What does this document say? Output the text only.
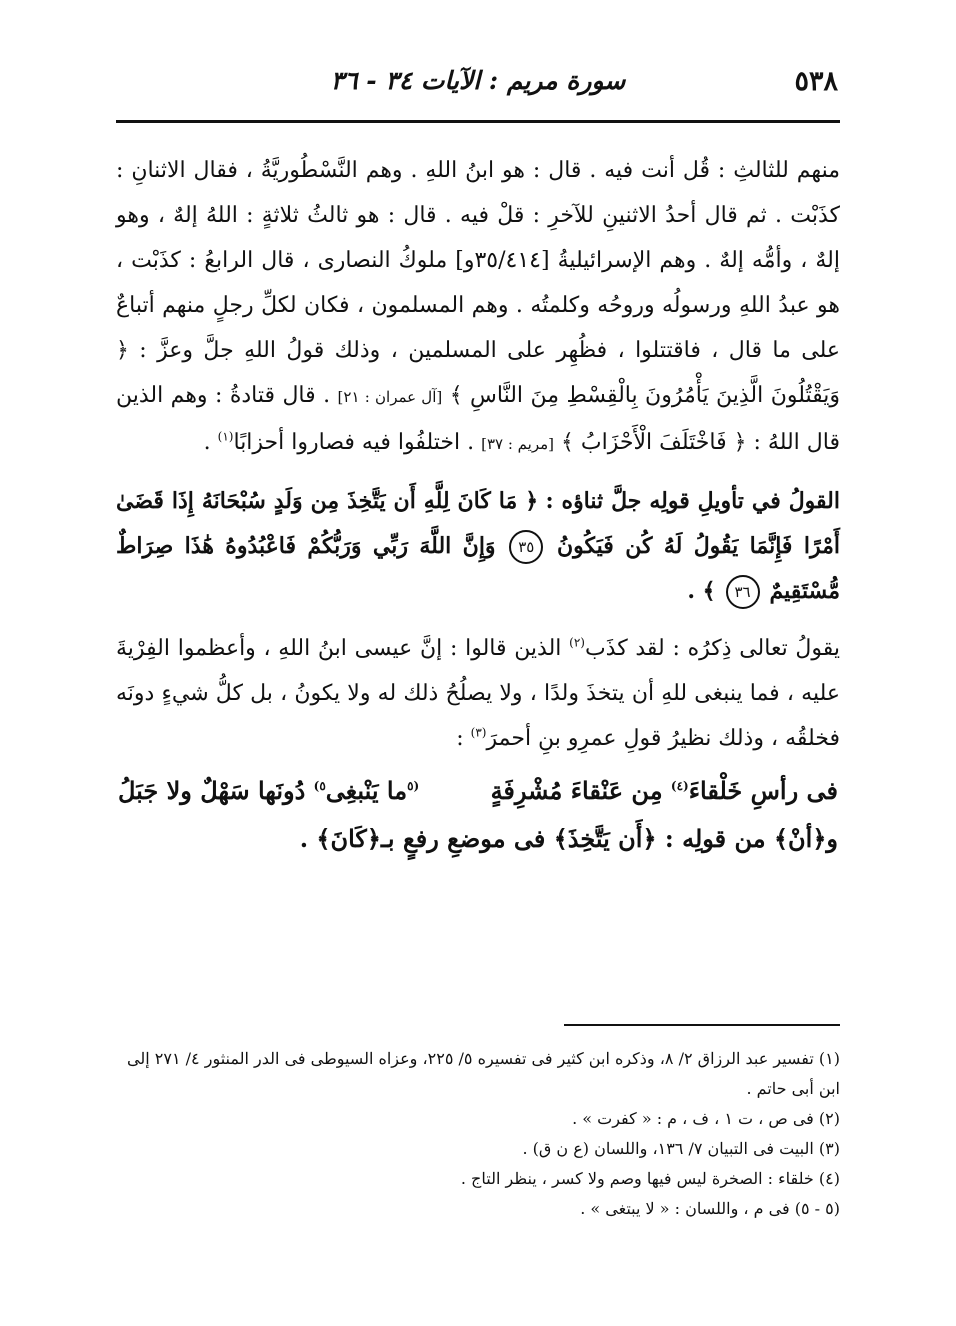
٥٣٨
سورة مريم : الآيات ٣٤ - ٣٦

منهم للثالثِ : قُل أنت فيه . قال : هو ابنُ اللهِ . وهم النَّسْطُوريَّةُ ، فقال الاثنانِ : كذَبْت . ثم قال أحدُ الاثنينِ للآخرِ : قلْ فيه . قال : هو ثالثُ ثلاثةٍ : اللهُ إلهٌ ، وهو إلهٌ ، وأمُّه إلهٌ . وهم الإسرائيليةُ [٣٥/٤١٤و] ملوكُ النصارى ، قال الرابعُ : كذَبْت ، هو عبدُ اللهِ ورسولُه وروحُه وكلمتُه . وهم المسلمون ، فكان لكلِّ رجلٍ منهم أتباعٌ على ما قال ، فاقتتلوا ، فظُهِر على المسلمين ، وذلك قولُ اللهِ جلَّ وعزَّ : ﴿ وَيَقْتُلُونَ الَّذِينَ يَأْمُرُونَ بِالْقِسْطِ مِنَ النَّاسِ ﴾ [آل عمران : ٢١] . قال قتادةُ : وهم الذين قال اللهُ : ﴿ فَاخْتَلَفَ الْأَحْزَابُ ﴾ [مريم : ٣٧] . اختلفُوا فيه فصاروا أحزابًا$^{(١)}$ .

القولُ في تأويلِ قولِه جلَّ ثناؤه : ﴿ مَا كَانَ لِلَّهِ أَن يَتَّخِذَ مِن وَلَدٍ سُبْحَانَهُ إِذَا قَضَىٰ أَمْرًا فَإِنَّمَا يَقُولُ لَهُ كُن فَيَكُونُ ٣٥ وَإِنَّ اللَّهَ رَبِّي وَرَبُّكُمْ فَاعْبُدُوهُ هَٰذَا صِرَاطٌ مُّسْتَقِيمٌ ٣٦ ﴾ .

يقولُ تعالى ذِكرُه : لقد كذَب$^{(٢)}$ الذين قالوا : إنَّ عيسى ابنُ اللهِ ، وأعظموا الفِرْيةَ عليه ، فما ينبغى للهِ أن يتخذَ ولدًا ، ولا يصلُحُ ذلك له ولا يكونُ ، بل كلُّ شيءٍ دونَه فخلقُه ، وذلك نظيرُ قولِ عمرِو بنِ أحمرَ$^{(٣)}$ :

فى رأسِ خَلْقاءَ$^{(٤)}$ مِن عَنْقاءَ مُشْرِفَةٍ
$^{(٥}$ما يَنْبغِى$^{٥)}$ دُونَها سَهْلٌ ولا جَبَلُ
و﴿أنْ﴾ من قولِه : ﴿أَن يَتَّخِذَ﴾ فى موضعِ رفعٍ بـ﴿كَانَ﴾ .

(١) تفسير عبد الرزاق ٢/ ٨، وذكره ابن كثير فى تفسيره ٥/ ٢٢٥، وعزاه السيوطى فى الدر المنثور ٤/ ٢٧١ إلى ابن أبى حاتم .

(٢) فى ص ، ت ١ ، ف ، م : « كفرت » .

(٣) البيت فى التبيان ٧/ ١٣٦، واللسان (ع ن ق) .

(٤) خلقاء : الصخرة ليس فيها وصم ولا كسر ، ينظر التاج .

(٥ - ٥) فى م ، واللسان : « لا يبتغى » .
